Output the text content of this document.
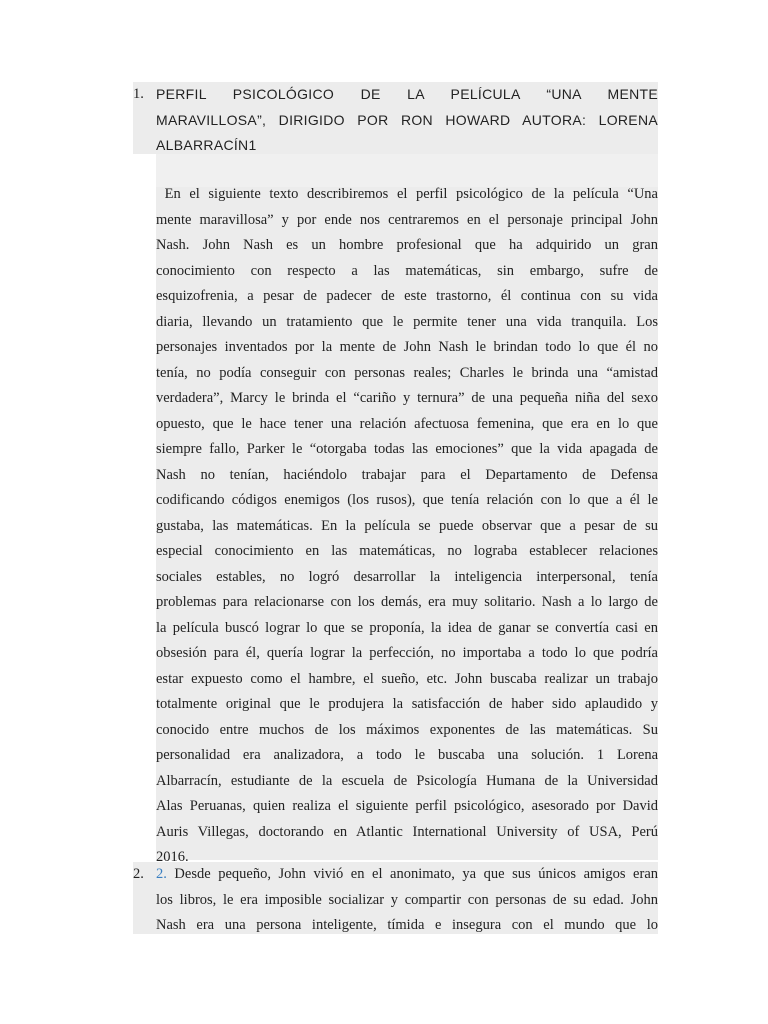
1. PERFIL PSICOLÓGICO DE LA PELÍCULA “UNA MENTE
MARAVILLOSA”, DIRIGIDO POR RON HOWARD AUTORA: LORENA
ALBARRACÍN1
En el siguiente texto describiremos el perfil psicológico de la película “Una
mente maravillosa” y por ende nos centraremos en el personaje principal John
Nash. John Nash es un hombre profesional que ha adquirido un gran
conocimiento con respecto a las matemáticas, sin embargo, sufre de
esquizofrenia, a pesar de padecer de este trastorno, él continua con su vida
diaria, llevando un tratamiento que le permite tener una vida tranquila. Los
personajes inventados por la mente de John Nash le brindan todo lo que él no
tenía, no podía conseguir con personas reales; Charles le brinda una “amistad
verdadera”, Marcy le brinda el “cariño y ternura” de una pequeña niña del sexo
opuesto, que le hace tener una relación afectuosa femenina, que era en lo que
siempre fallo, Parker le “otorgaba todas las emociones” que la vida apagada de
Nash no tenían, haciéndolo trabajar para el Departamento de Defensa
codificando códigos enemigos (los rusos), que tenía relación con lo que a él le
gustaba, las matemáticas. En la película se puede observar que a pesar de su
especial conocimiento en las matemáticas, no lograba establecer relaciones
sociales estables, no logró desarrollar la inteligencia interpersonal, tenía
problemas para relacionarse con los demás, era muy solitario. Nash a lo largo de
la película buscó lograr lo que se proponía, la idea de ganar se convertía casi en
obsesión para él, quería lograr la perfección, no importaba a todo lo que podría
estar expuesto como el hambre, el sueño, etc. John buscaba realizar un trabajo
totalmente original que le produjera la satisfacción de haber sido aplaudido y
conocido entre muchos de los máximos exponentes de las matemáticas. Su
personalidad era analizadora, a todo le buscaba una solución. 1 Lorena
Albarracín, estudiante de la escuela de Psicología Humana de la Universidad
Alas Peruanas, quien realiza el siguiente perfil psicológico, asesorado por David
Auris Villegas, doctorando en Atlantic International University of USA, Perú
2016.
2. 2. Desde pequeño, John vivió en el anonimato, ya que sus únicos amigos eran
los libros, le era imposible socializar y compartir con personas de su edad. John
Nash era una persona inteligente, tímida e insegura con el mundo que lo
